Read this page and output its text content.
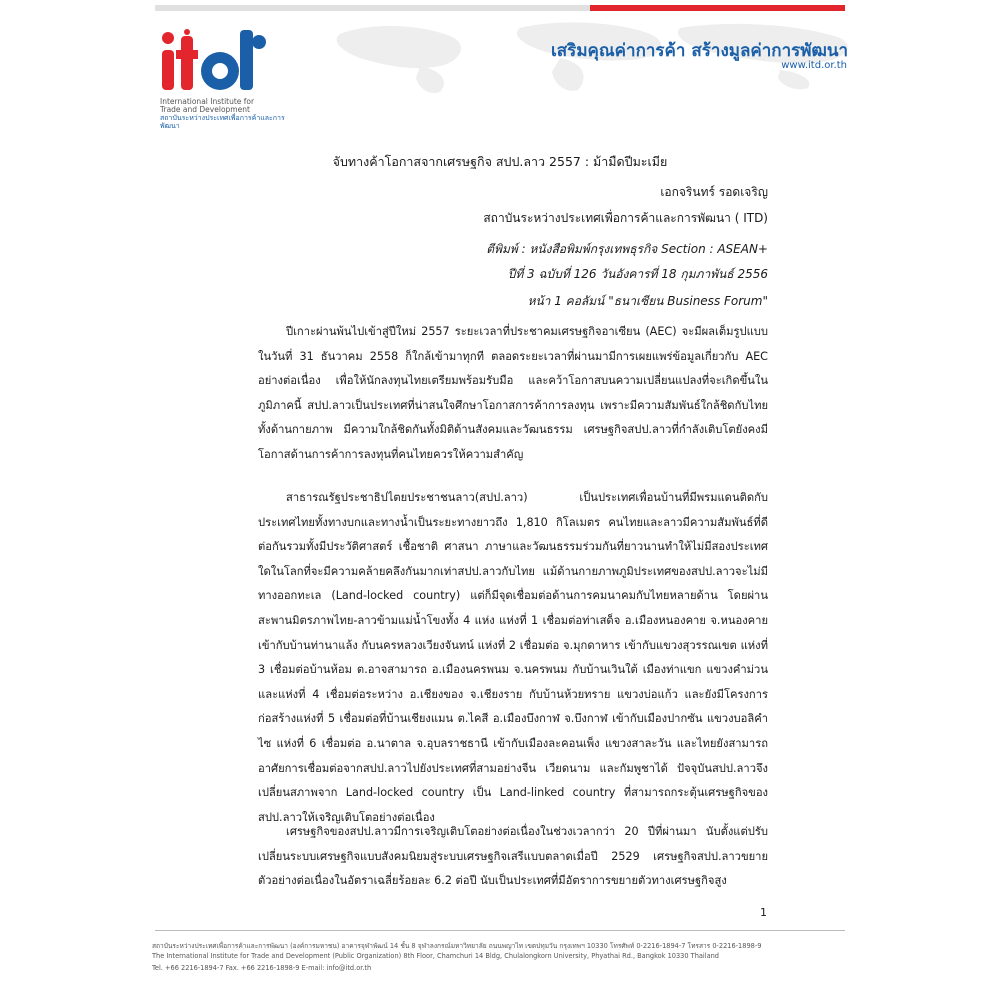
International Institute for
Trade and Development
สถาบันระหว่างประเทศเพื่อการค้าและการพัฒนา
เสริมคุณค่าการค้า สร้างมูลค่าการพัฒนา
www.itd.or.th
จับทางค้าโอกาสจากเศรษฐกิจ สปป.ลาว 2557 : ม้ามืดปีมะเมีย
เอกจรินทร์ รอดเจริญ
สถาบันระหว่างประเทศเพื่อการค้าและการพัฒนา ( ITD)
ตีพิมพ์ : หนังสือพิมพ์กรุงเทพธุรกิจ Section : ASEAN+
ปีที่ 3 ฉบับที่ 126 วันอังคารที่ 18 กุมภาพันธ์ 2556
หน้า 1 คอลัมน์ "ธนาเซียน Business Forum"
ปีเกาะผ่านพ้นไปเข้าสู่ปีใหม่ 2557 ระยะเวลาที่ประชาคมเศรษฐกิจอาเซียน (AEC) จะมีผลเต็มรูปแบบในวันที่ 31 ธันวาคม 2558 ก็ใกล้เข้ามาทุกที ตลอดระยะเวลาที่ผ่านมามีการเผยแพร่ข้อมูลเกี่ยวกับ AEC อย่างต่อเนื่อง เพื่อให้นักลงทุนไทยเตรียมพร้อมรับมือ และคว้าโอกาสบนความเปลี่ยนแปลงที่จะเกิดขึ้นในภูมิภาคนี้ สปป.ลาวเป็นประเทศที่น่าสนใจศึกษาโอกาสการค้าการลงทุน เพราะมีความสัมพันธ์ใกล้ชิดกับไทยทั้งด้านกายภาพ มีความใกล้ชิดกันทั้งมิติด้านสังคมและวัฒนธรรม เศรษฐกิจสปป.ลาวที่กำลังเติบโตยังคงมีโอกาสด้านการค้าการลงทุนที่คนไทยควรให้ความสำคัญ
สาธารณรัฐประชาธิปไตยประชาชนลาว(สปป.ลาว) เป็นประเทศเพื่อนบ้านที่มีพรมแดนติดกับประเทศไทยทั้งทางบกและทางน้ำเป็นระยะทางยาวถึง 1,810 กิโลเมตร คนไทยและลาวมีความสัมพันธ์ที่ดีต่อกันรวมทั้งมีประวัติศาสตร์ เชื้อชาติ ศาสนา ภาษาและวัฒนธรรมร่วมกันที่ยาวนานทำให้ไม่มีสองประเทศใดในโลกที่จะมีความคล้ายคลึงกันมากเท่าสปป.ลาวกับไทย แม้ด้านกายภาพภูมิประเทศของสปป.ลาวจะไม่มีทางออกทะเล (Land-locked country) แต่ก็มีจุดเชื่อมต่อด้านการคมนาคมกับไทยหลายด้าน โดยผ่านสะพานมิตรภาพไทย-ลาวข้ามแม่น้ำโขงทั้ง 4 แห่ง แห่งที่ 1 เชื่อมต่อท่าเสด็จ อ.เมืองหนองคาย จ.หนองคาย เข้ากับบ้านท่านาแล้ง กับนครหลวงเวียงจันทน์ แห่งที่ 2 เชื่อมต่อ จ.มุกดาหาร เข้ากับแขวงสุวรรณเขต แห่งที่ 3 เชื่อมต่อบ้านห้อม ต.อาจสามารถ อ.เมืองนครพนม จ.นครพนม กับบ้านเวินใต้ เมืองท่าแขก แขวงคำม่วน และแห่งที่ 4 เชื่อมต่อระหว่าง อ.เชียงของ จ.เชียงราย กับบ้านห้วยทราย แขวงบ่อแก้ว และยังมีโครงการก่อสร้างแห่งที่ 5 เชื่อมต่อที่บ้านเชียงแมน ต.ไคสี อ.เมืองบึงกาฬ จ.บึงกาฬ เข้ากับเมืองปากซัน แขวงบอลิคำไซ แห่งที่ 6 เชื่อมต่อ อ.นาตาล จ.อุบลราชธานี เข้ากับเมืองละคอนเพ็ง แขวงสาละวัน และไทยยังสามารถอาศัยการเชื่อมต่อจากสปป.ลาวไปยังประเทศที่สามอย่างจีน เวียดนาม และกัมพูชาได้ ปัจจุบันสปป.ลาวจึงเปลี่ยนสภาพจาก Land-locked country เป็น Land-linked country ที่สามารถกระตุ้นเศรษฐกิจของสปป.ลาวให้เจริญเติบโตอย่างต่อเนื่อง
เศรษฐกิจของสปป.ลาวมีการเจริญเติบโตอย่างต่อเนื่องในช่วงเวลากว่า 20 ปีที่ผ่านมา นับตั้งแต่ปรับเปลี่ยนระบบเศรษฐกิจแบบสังคมนิยมสู่ระบบเศรษฐกิจเสรีแบบตลาดเมื่อปี 2529 เศรษฐกิจสปป.ลาวขยายตัวอย่างต่อเนื่องในอัตราเฉลี่ยร้อยละ 6.2 ต่อปี นับเป็นประเทศที่มีอัตราการขยายตัวทางเศรษฐกิจสูง
1
สถาบันระหว่างประเทศเพื่อการค้าและการพัฒนา (องค์การมหาชน) อาคารจุฬาพัฒน์ 14 ชั้น 8 จุฬาลงกรณ์มหาวิทยาลัย ถนนพญาไท เขตปทุมวัน กรุงเทพฯ 10330 โทรศัพท์ 0-2216-1894-7 โทรสาร 0-2216-1898-9
The International Institute for Trade and Development (Public Organization) 8th Floor, Chamchuri 14 Bldg, Chulalongkorn University, Phyathai Rd., Bangkok 10330 Thailand
Tel. +66 2216-1894-7 Fax. +66 2216-1898-9 E-mail: info@itd.or.th
